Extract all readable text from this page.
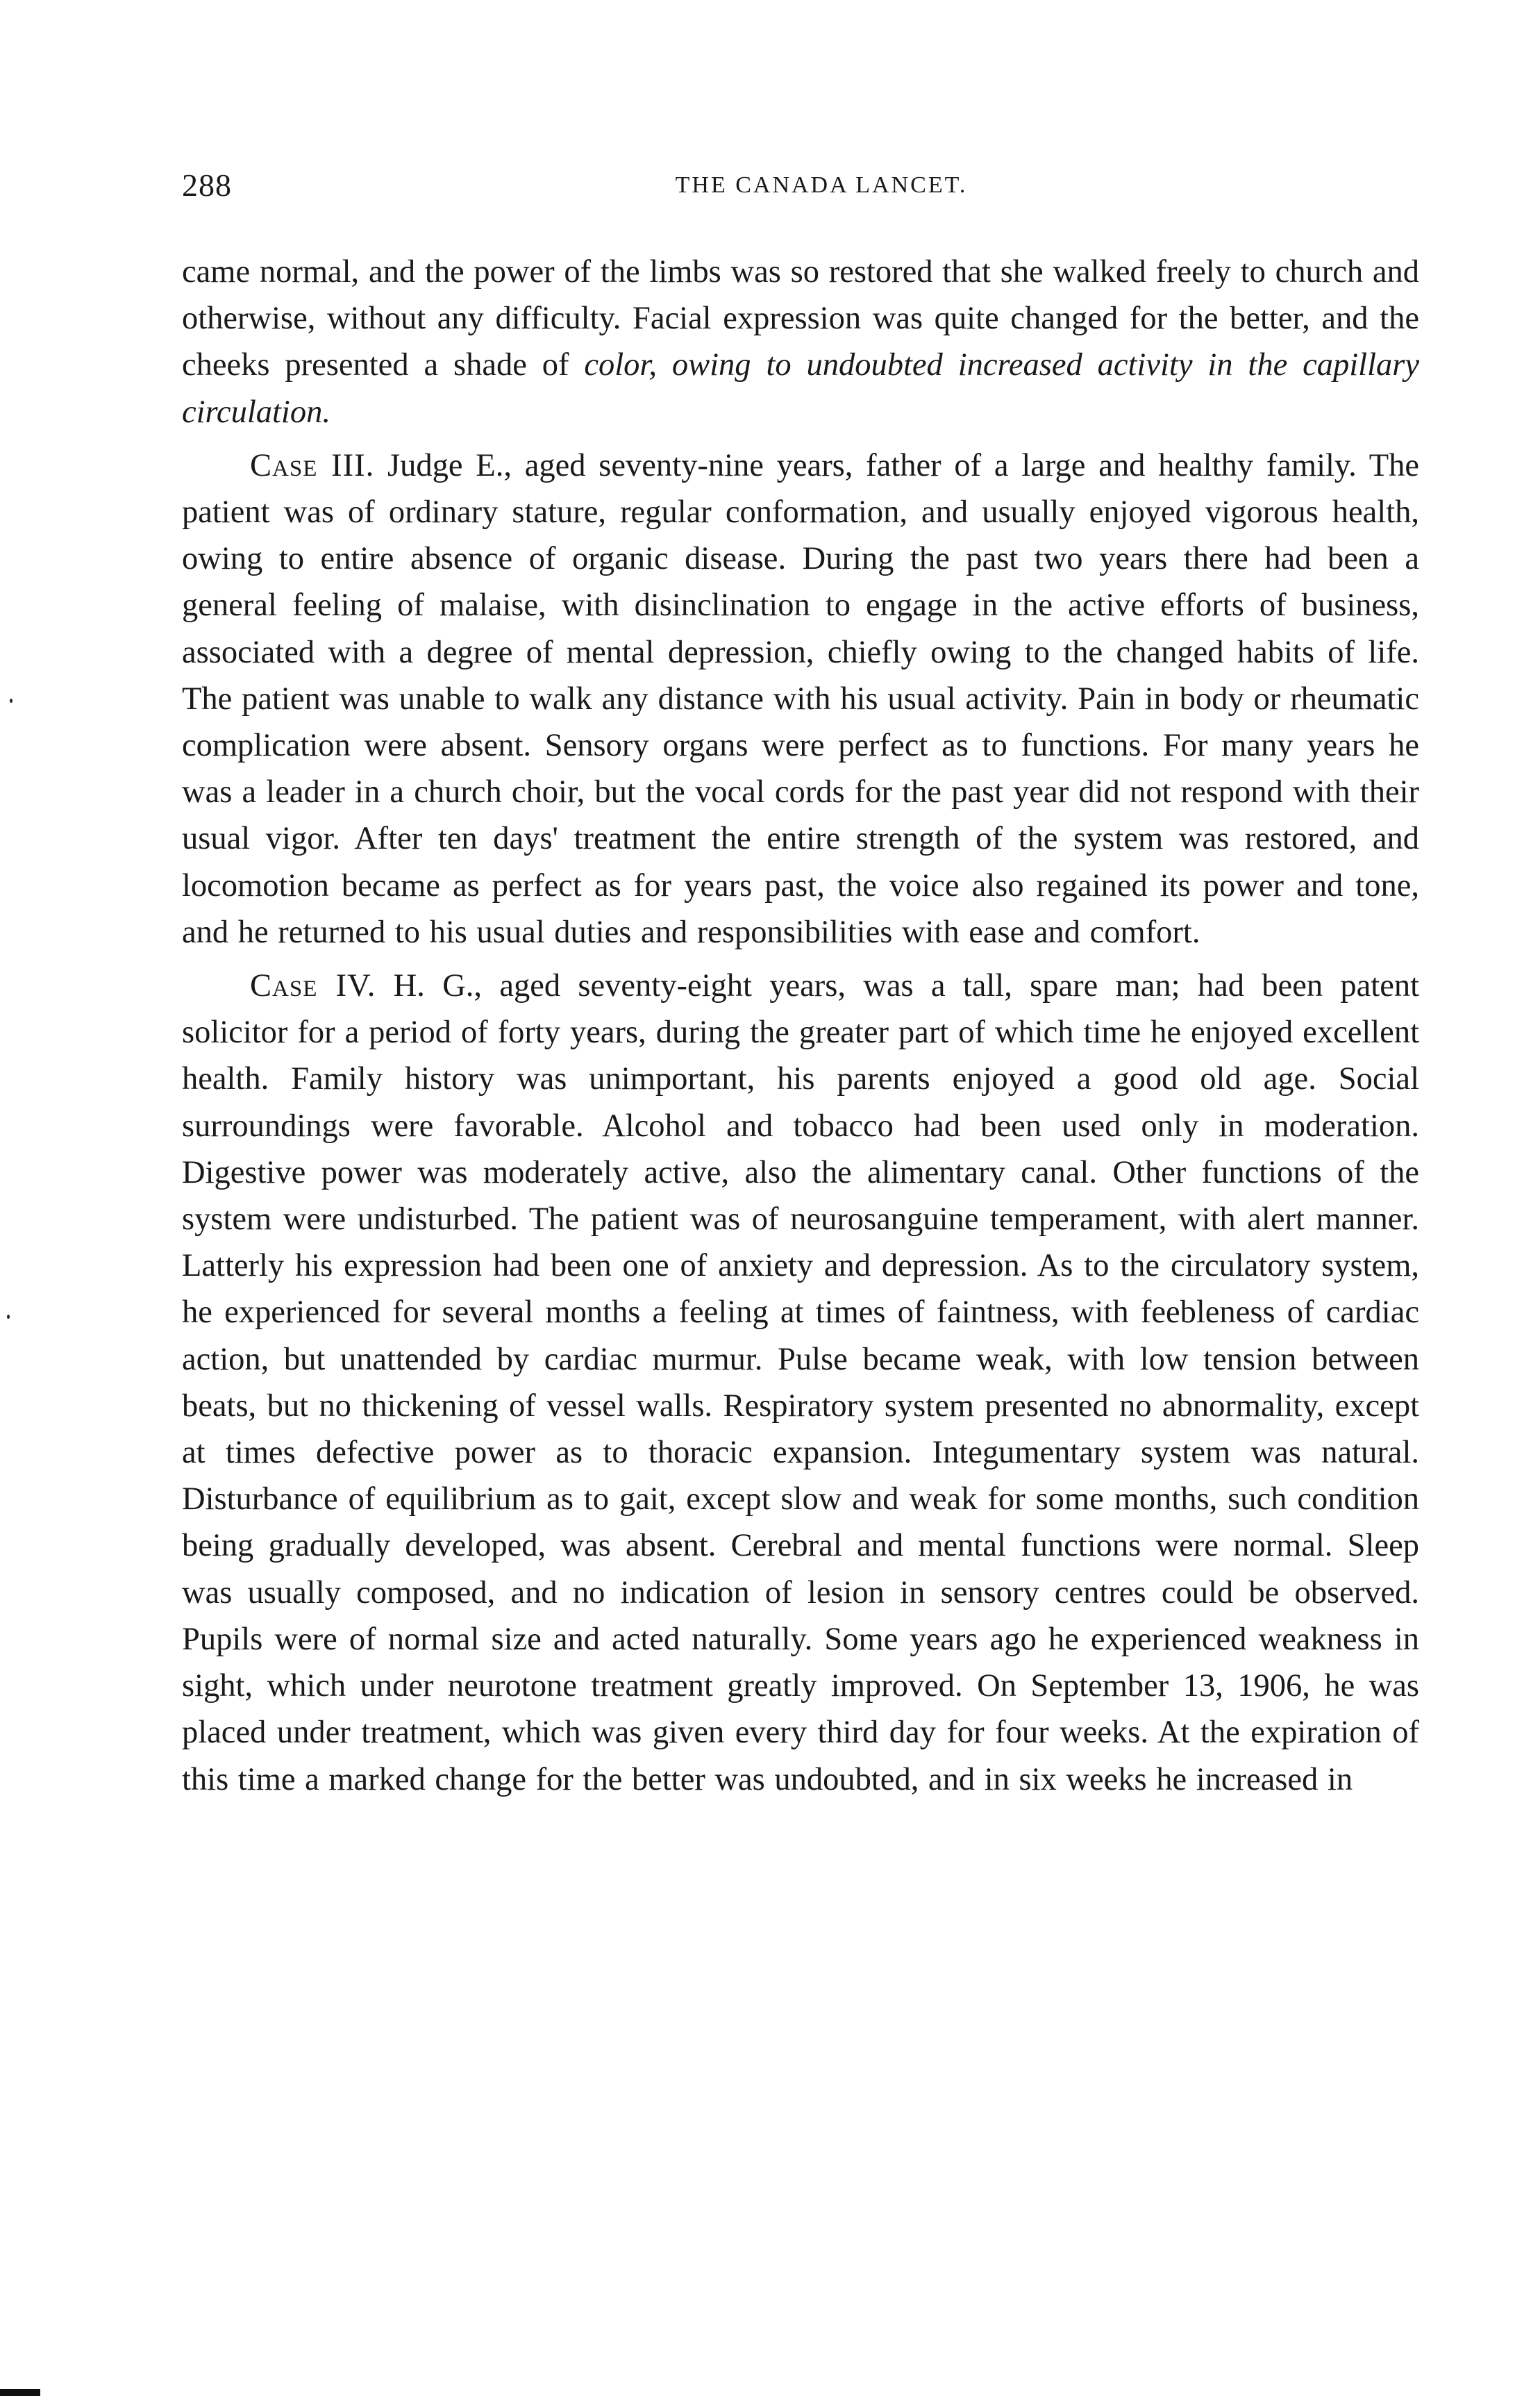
288	THE CANADA LANCET.

came normal, and the power of the limbs was so restored that she walked freely to church and otherwise, without any difficulty. Facial expression was quite changed for the better, and the cheeks presented a shade of color, owing to undoubted increased activity in the capillary circulation.

Case III. Judge E., aged seventy-nine years, father of a large and healthy family. The patient was of ordinary stature, regular conformation, and usually enjoyed vigorous health, owing to entire absence of organic disease. During the past two years there had been a general feeling of malaise, with disinclination to engage in the active efforts of business, associated with a degree of mental depression, chiefly owing to the changed habits of life. The patient was unable to walk any distance with his usual activity. Pain in body or rheumatic complication were absent. Sensory organs were perfect as to functions. For many years he was a leader in a church choir, but the vocal cords for the past year did not respond with their usual vigor. After ten days' treatment the entire strength of the system was restored, and locomotion became as perfect as for years past, the voice also regained its power and tone, and he returned to his usual duties and responsibilities with ease and comfort.

Case IV. H. G., aged seventy-eight years, was a tall, spare man; had been patent solicitor for a period of forty years, during the greater part of which time he enjoyed excellent health. Family history was unimportant, his parents enjoyed a good old age. Social surroundings were favorable. Alcohol and tobacco had been used only in moderation. Digestive power was moderately active, also the alimentary canal. Other functions of the system were undisturbed. The patient was of neurosanguine temperament, with alert manner. Latterly his expression had been one of anxiety and depression. As to the circulatory system, he experienced for several months a feeling at times of faintness, with feebleness of cardiac action, but unattended by cardiac murmur. Pulse became weak, with low tension between beats, but no thickening of vessel walls. Respiratory system presented no abnormality, except at times defective power as to thoracic expansion. Integumentary system was natural. Disturbance of equilibrium as to gait, except slow and weak for some months, such condition being gradually developed, was absent. Cerebral and mental functions were normal. Sleep was usually composed, and no indication of lesion in sensory centres could be observed. Pupils were of normal size and acted naturally. Some years ago he experienced weakness in sight, which under neurotone treatment greatly improved. On September 13, 1906, he was placed under treatment, which was given every third day for four weeks. At the expiration of this time a marked change for the better was undoubted, and in six weeks he increased in
